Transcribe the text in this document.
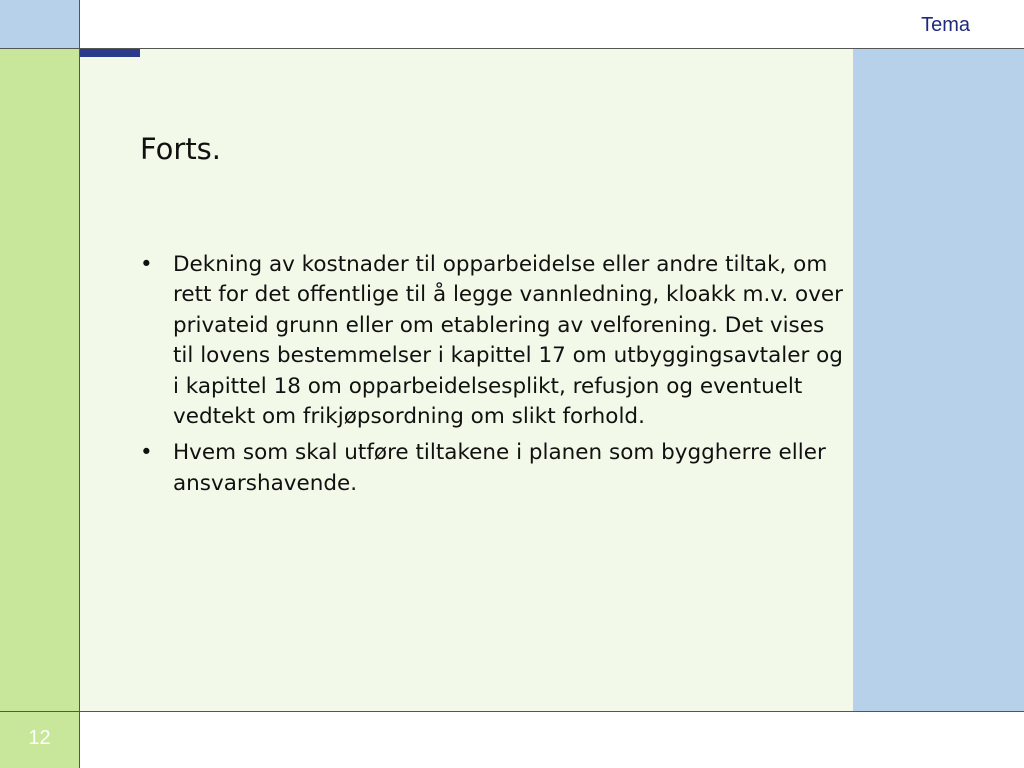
Tema
Forts.
• Dekning av kostnader til opparbeidelse eller andre tiltak, om rett for det offentlige til å legge vannledning, kloakk m.v. over privateid grunn eller om etablering av velforening. Det vises til lovens bestemmelser i kapittel 17 om utbyggingsavtaler og i kapittel 18 om opparbeidelsesplikt, refusjon og eventuelt vedtekt om frikjøpsordning om slikt forhold.
• Hvem som skal utføre tiltakene i planen som byggherre eller ansvarshavende.
12
